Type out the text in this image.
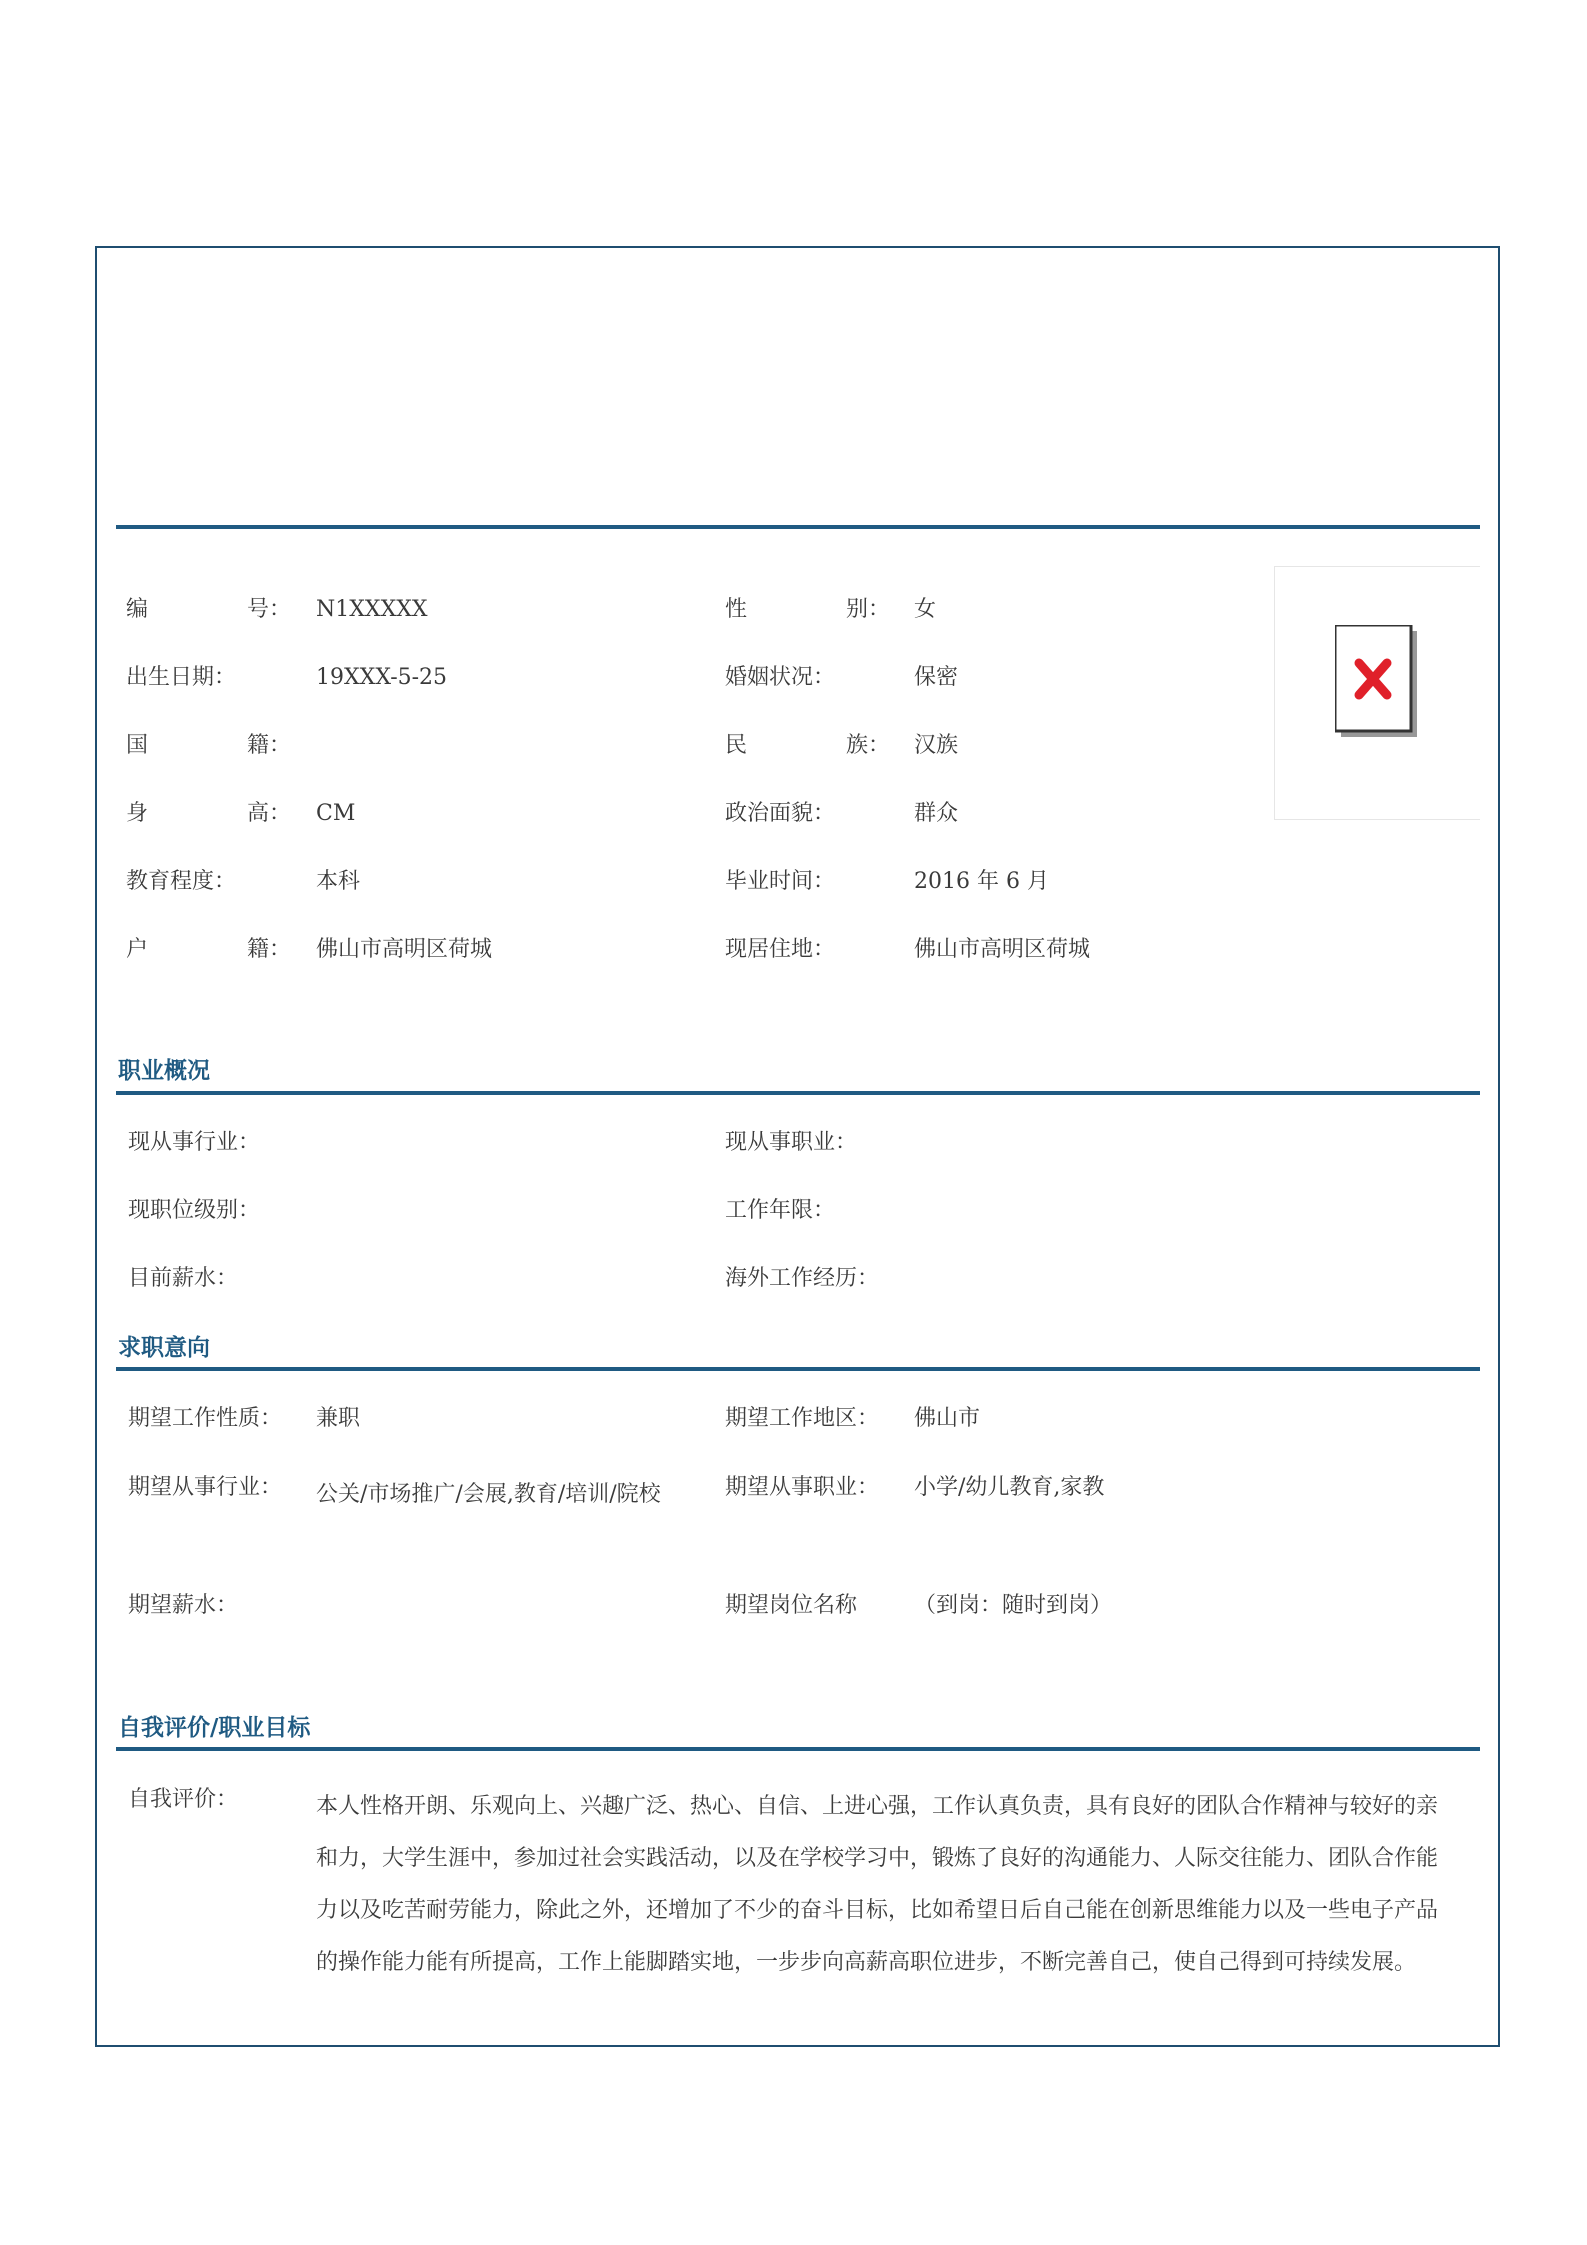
编	号： N1XXXXX	性	别： 女
出生日期：	19XXX-5-25	婚姻状况：	保密
国	籍：	民	族： 汉族
身	高： CM	政治面貌：	群众
教育程度：	本科	毕业时间：	2016 年 6 月
户	籍： 佛山市高明区荷城	现居住地：	佛山市高明区荷城
职业概况
现从事行业：	现从事职业：
现职位级别：	工作年限：
目前薪水：	海外工作经历：
求职意向
期望工作性质： 兼职	期望工作地区： 佛山市
期望从事行业： 公关/市场推广/会展,教育/培训/院校	期望从事职业： 小学/幼儿教育,家教
期望薪水：	期望岗位名称	（到岗：随时到岗）
自我评价/职业目标
自我评价：	本人性格开朗、乐观向上、兴趣广泛、热心、自信、上进心强，工作认真负责，具有良好的团队合作精神与较好的亲和力，大学生涯中，参加过社会实践活动，以及在学校学习中，锻炼了良好的沟通能力、人际交往能力、团队合作能力以及吃苦耐劳能力，除此之外，还增加了不少的奋斗目标，比如希望日后自己能在创新思维能力以及一些电子产品的操作能力能有所提高，工作上能脚踏实地，一步步向高薪高职位进步，不断完善自己，使自己得到可持续发展。
